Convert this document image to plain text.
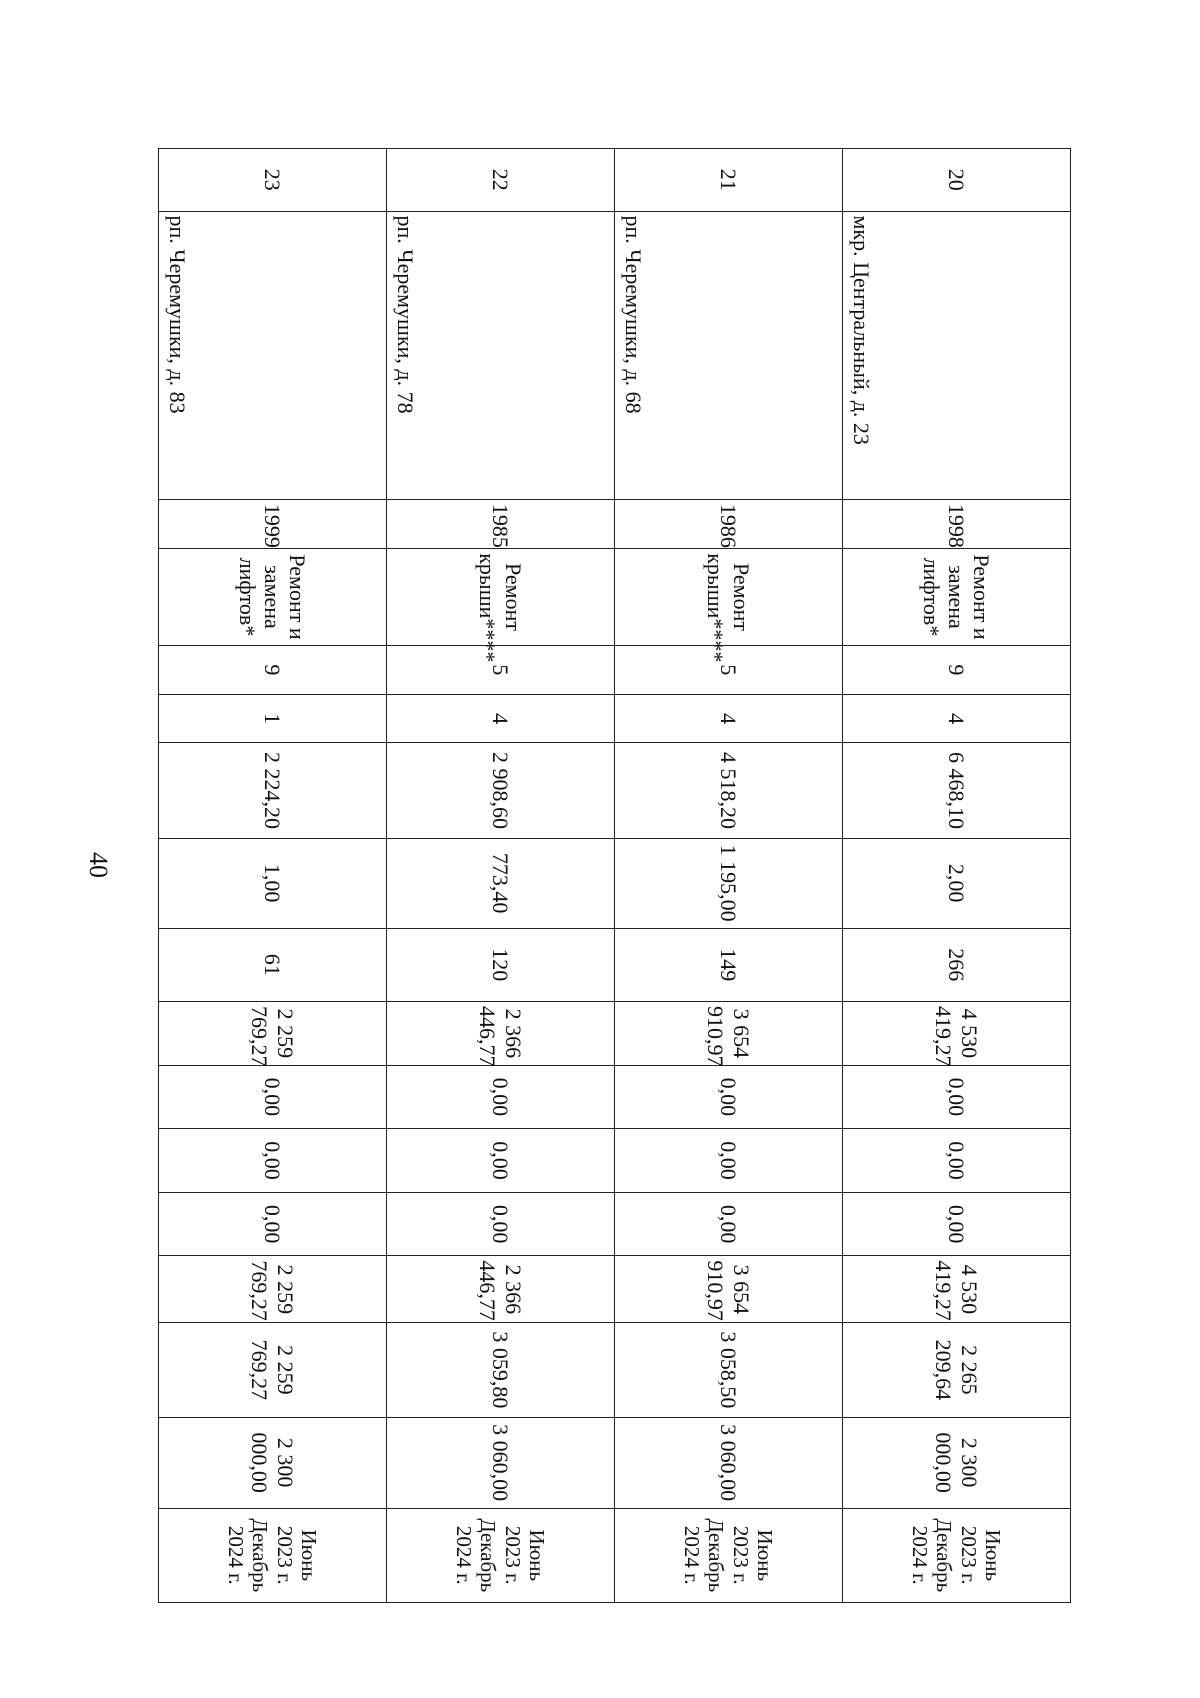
40
20	мкр. Центральный, д. 23	1998	Ремонт и замена лифтов*	9	4	6 468,10	2,00	266	4 530 419,27	0,00	0,00	0,00	4 530 419,27	2 265 209,64	2 300 000,00	Июнь 2023 г. Декабрь 2024 г.
21	рп. Черемушки, д. 68	1986	Ремонт крыши****	5	4	4 518,20	1 195,00	149	3 654 910,97	0,00	0,00	0,00	3 654 910,97	3 058,50	3 060,00	Июнь 2023 г. Декабрь 2024 г.
22	рп. Черемушки, д. 78	1985	Ремонт крыши****	5	4	2 908,60	773,40	120	2 366 446,77	0,00	0,00	0,00	2 366 446,77	3 059,80	3 060,00	Июнь 2023 г. Декабрь 2024 г.
23	рп. Черемушки, д. 83	1999	Ремонт и замена лифтов*	9	1	2 224,20	1,00	61	2 259 769,27	0,00	0,00	0,00	2 259 769,27	2 259 769,27	2 300 000,00	Июнь 2023 г. Декабрь 2024 г.
